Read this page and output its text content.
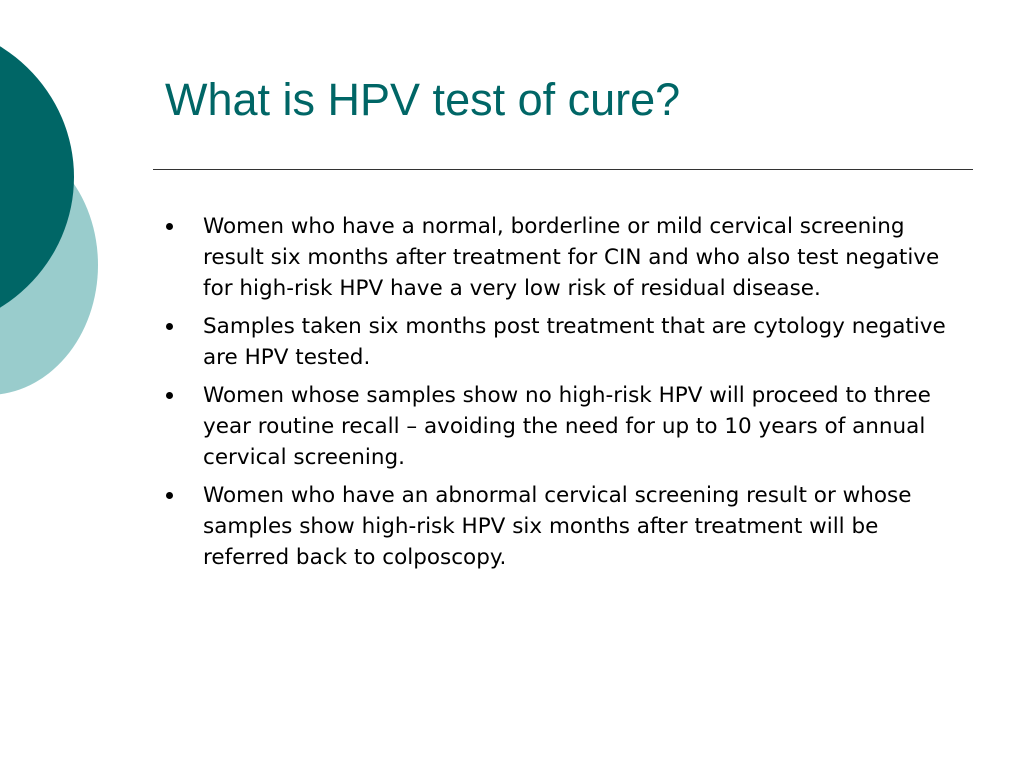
What is HPV test of cure?
Women who have a normal, borderline or mild cervical screening result six months after treatment for CIN and who also test negative for high-risk HPV have a very low risk of residual disease.
Samples taken six months post treatment that are cytology negative are HPV tested.
Women whose samples show no high-risk HPV will proceed to three year routine recall – avoiding the need for up to 10 years of annual cervical screening.
Women who have an abnormal cervical screening result or whose samples show high-risk HPV six months after treatment will be referred back to colposcopy.
